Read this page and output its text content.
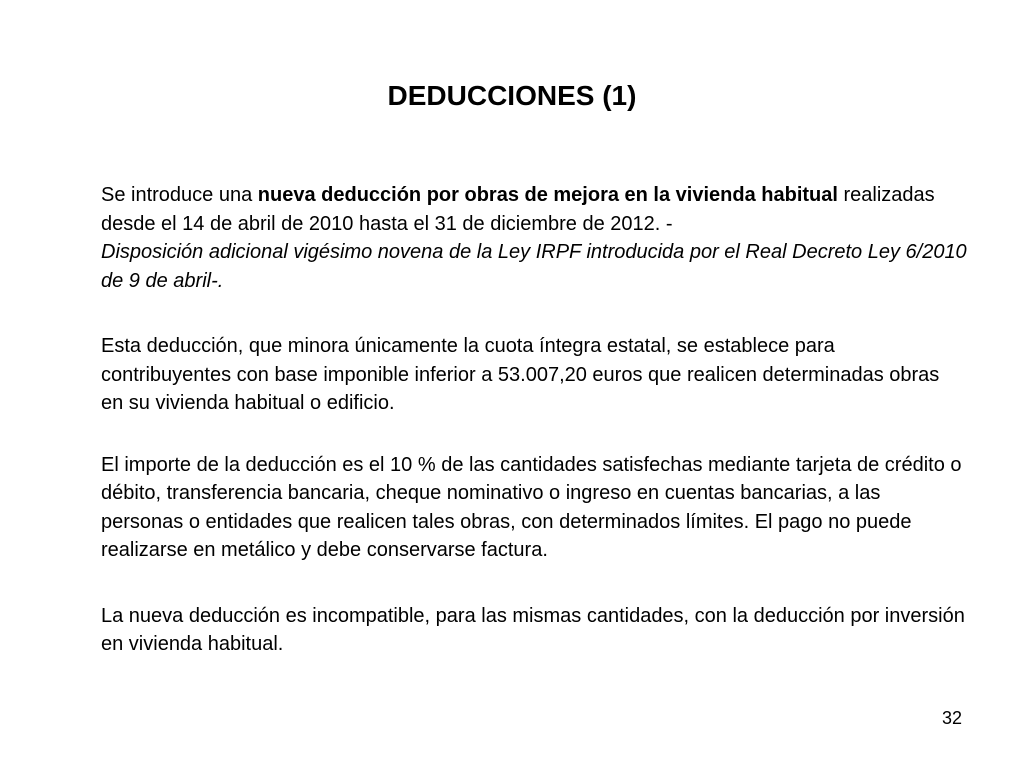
DEDUCCIONES (1)

Se introduce una nueva deducción por obras de mejora en la vivienda habitual realizadas desde el 14 de abril de 2010 hasta el 31 de diciembre de 2012. -
Disposición adicional vigésimo novena de la Ley IRPF introducida por el Real Decreto Ley 6/2010 de 9 de abril-.

Esta deducción, que minora únicamente la cuota íntegra estatal, se establece para contribuyentes con base imponible inferior a 53.007,20 euros que realicen determinadas obras en su vivienda habitual o edificio.

El importe de la deducción es el 10 % de las cantidades satisfechas mediante tarjeta de crédito o débito, transferencia bancaria, cheque nominativo o ingreso en cuentas bancarias, a las personas o entidades que realicen tales obras, con determinados límites. El pago no puede realizarse en metálico y debe conservarse factura.

La nueva deducción es incompatible, para las mismas cantidades, con la deducción por inversión en vivienda habitual.

32
